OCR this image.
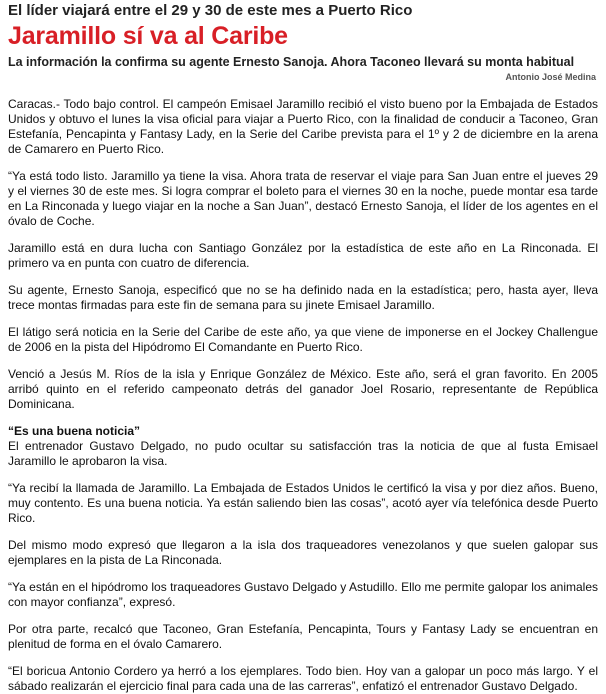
El líder viajará entre el 29 y 30 de este mes a Puerto Rico

Jaramillo sí va al Caribe

La información la confirma su agente Ernesto Sanoja. Ahora Taconeo llevará su monta habitual

Antonio José Medina

Caracas.- Todo bajo control. El campeón Emisael Jaramillo recibió el visto bueno por la Embajada de Estados Unidos y obtuvo el lunes la visa oficial para viajar a Puerto Rico, con la finalidad de conducir a Taconeo, Gran Estefanía, Pencapinta y Fantasy Lady, en la Serie del Caribe prevista para el 1º y 2 de diciembre en la arena de Camarero en Puerto Rico.

“Ya está todo listo. Jaramillo ya tiene la visa. Ahora trata de reservar el viaje para San Juan entre el jueves 29 y el viernes 30 de este mes. Si logra comprar el boleto para el viernes 30 en la noche, puede montar esa tarde en La Rinconada y luego viajar en la noche a San Juan”, destacó Ernesto Sanoja, el líder de los agentes en el óvalo de Coche.

Jaramillo está en dura lucha con Santiago González por la estadística de este año en La Rinconada. El primero va en punta con cuatro de diferencia.

Su agente, Ernesto Sanoja, especificó que no se ha definido nada en la estadística; pero, hasta ayer, lleva trece montas firmadas para este fin de semana para su jinete Emisael Jaramillo.

El látigo será noticia en la Serie del Caribe de este año, ya que viene de imponerse en el Jockey Challengue de 2006 en la pista del Hipódromo El Comandante en Puerto Rico.

Venció a Jesús M. Ríos de la isla y Enrique González de México. Este año, será el gran favorito. En 2005 arribó quinto en el referido campeonato detrás del ganador Joel Rosario, representante de República Dominicana.

“Es una buena noticia”

El entrenador Gustavo Delgado, no pudo ocultar su satisfacción tras la noticia de que al fusta Emisael Jaramillo le aprobaron la visa.

“Ya recibí la llamada de Jaramillo. La Embajada de Estados Unidos le certificó la visa y por diez años. Bueno, muy contento. Es una buena noticia. Ya están saliendo bien las cosas”, acotó ayer vía telefónica desde Puerto Rico.

Del mismo modo expresó que llegaron a la isla dos traqueadores venezolanos y que suelen galopar sus ejemplares en la pista de La Rinconada.

“Ya están en el hipódromo los traqueadores Gustavo Delgado y Astudillo. Ello me permite galopar los animales con mayor confianza”, expresó.

Por otra parte, recalcó que Taconeo, Gran Estefanía, Pencapinta, Tours y Fantasy Lady se encuentran en plenitud de forma en el óvalo Camarero.

“El boricua Antonio Cordero ya herró a los ejemplares. Todo bien. Hoy van a galopar un poco más largo. Y el sábado realizarán el ejercicio final para cada una de las carreras”, enfatizó el entrenador Gustavo Delgado.
